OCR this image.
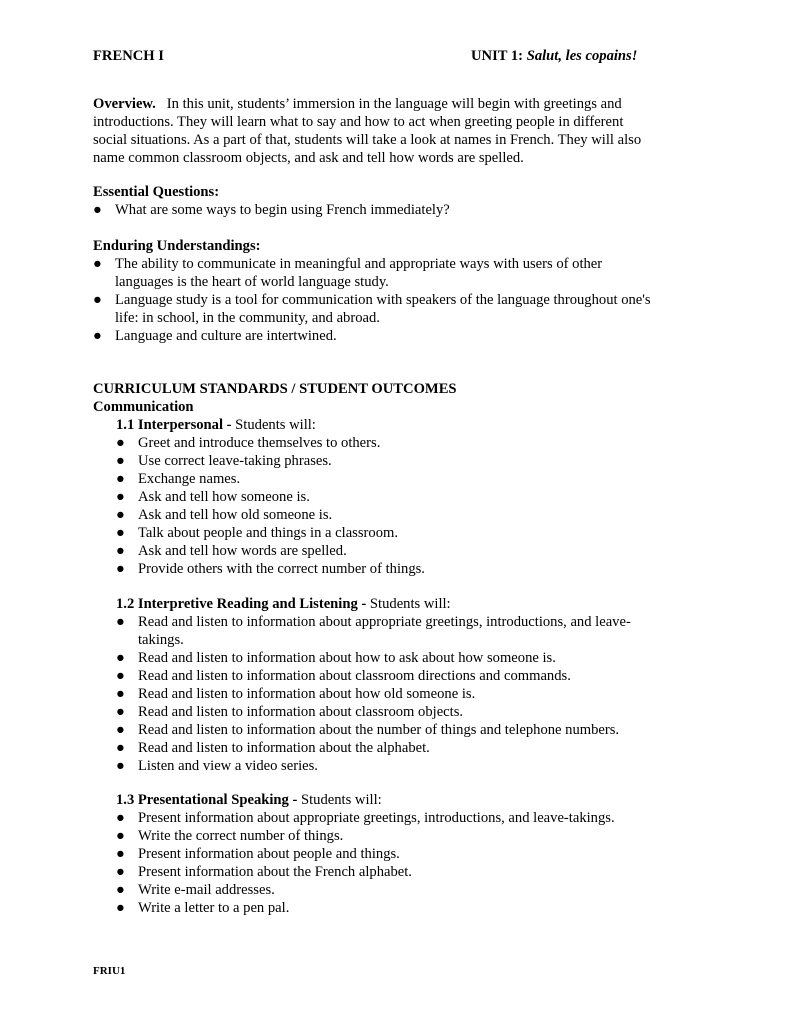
FRENCH I	UNIT 1: Salut, les copains!
Overview. In this unit, students’ immersion in the language will begin with greetings and
introductions. They will learn what to say and how to act when greeting people in different
social situations. As a part of that, students will take a look at names in French. They will also
name common classroom objects, and ask and tell how words are spelled.
Essential Questions:
● What are some ways to begin using French immediately?
Enduring Understandings:
● The ability to communicate in meaningful and appropriate ways with users of other
languages is the heart of world language study.
● Language study is a tool for communication with speakers of the language throughout one's
life: in school, in the community, and abroad.
● Language and culture are intertwined.
CURRICULUM STANDARDS / STUDENT OUTCOMES
Communication
1.1 Interpersonal - Students will:
● Greet and introduce themselves to others.
● Use correct leave-taking phrases.
● Exchange names.
● Ask and tell how someone is.
● Ask and tell how old someone is.
● Talk about people and things in a classroom.
● Ask and tell how words are spelled.
● Provide others with the correct number of things.
1.2 Interpretive Reading and Listening - Students will:
● Read and listen to information about appropriate greetings, introductions, and leave-
takings.
● Read and listen to information about how to ask about how someone is.
● Read and listen to information about classroom directions and commands.
● Read and listen to information about how old someone is.
● Read and listen to information about classroom objects.
● Read and listen to information about the number of things and telephone numbers.
● Read and listen to information about the alphabet.
● Listen and view a video series.
1.3 Presentational Speaking - Students will:
● Present information about appropriate greetings, introductions, and leave-takings.
● Write the correct number of things.
● Present information about people and things.
● Present information about the French alphabet.
● Write e-mail addresses.
● Write a letter to a pen pal.
FRIU1
